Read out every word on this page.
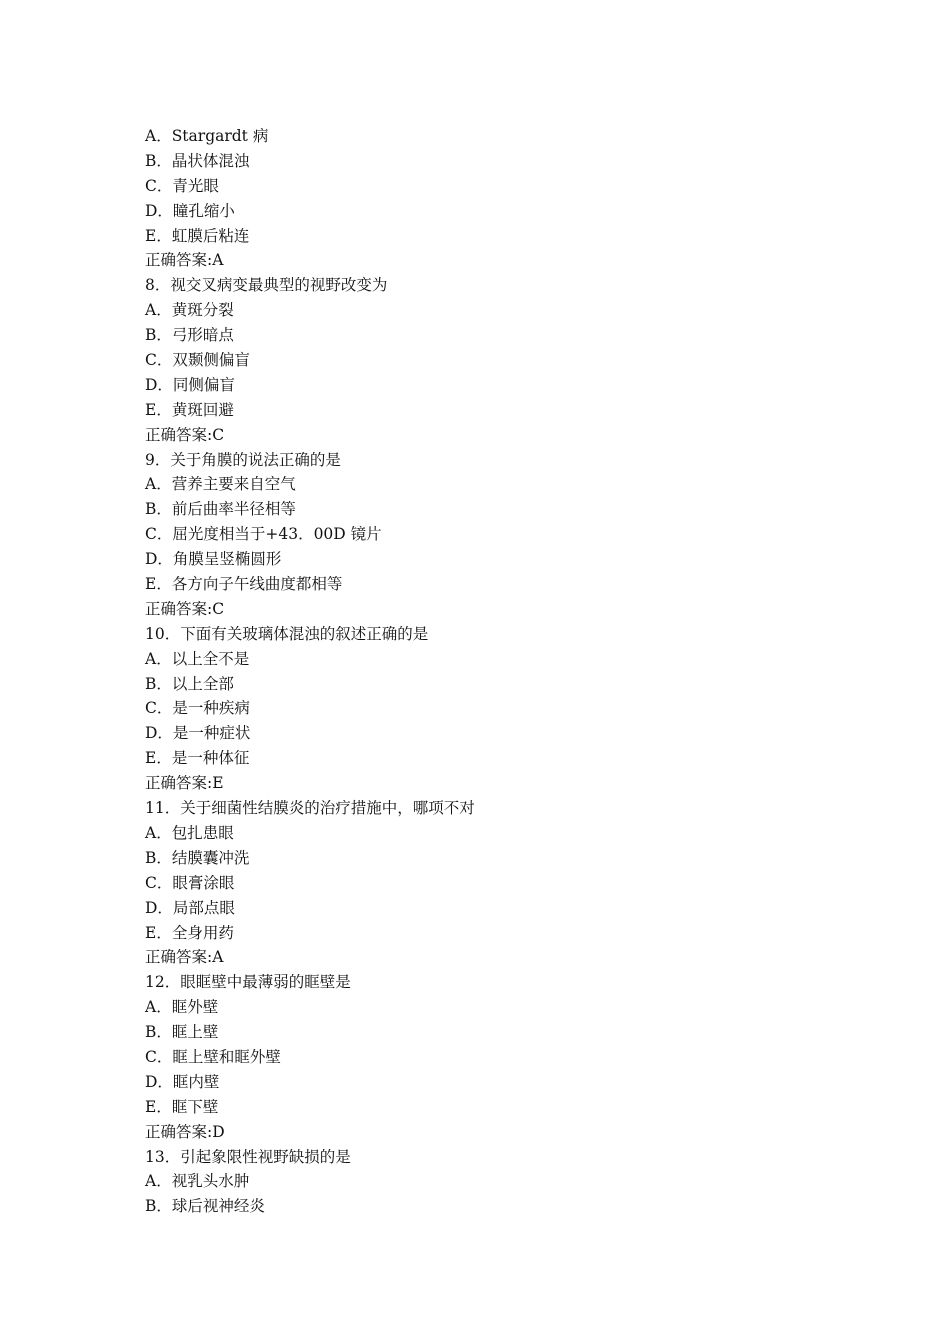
A．Stargardt 病
B．晶状体混浊
C．青光眼
D．瞳孔缩小
E．虹膜后粘连
正确答案:A
8．视交叉病变最典型的视野改变为
A．黄斑分裂
B．弓形暗点
C．双颞侧偏盲
D．同侧偏盲
E．黄斑回避
正确答案:C
9．关于角膜的说法正确的是
A．营养主要来自空气
B．前后曲率半径相等
C．屈光度相当于+43．00D 镜片
D．角膜呈竖椭圆形
E．各方向子午线曲度都相等
正确答案:C
10．下面有关玻璃体混浊的叙述正确的是
A．以上全不是
B．以上全部
C．是一种疾病
D．是一种症状
E．是一种体征
正确答案:E
11．关于细菌性结膜炎的治疗措施中，哪项不对
A．包扎患眼
B．结膜囊冲洗
C．眼膏涂眼
D．局部点眼
E．全身用药
正确答案:A
12．眼眶壁中最薄弱的眶壁是
A．眶外壁
B．眶上壁
C．眶上壁和眶外壁
D．眶内壁
E．眶下壁
正确答案:D
13．引起象限性视野缺损的是
A．视乳头水肿
B．球后视神经炎
